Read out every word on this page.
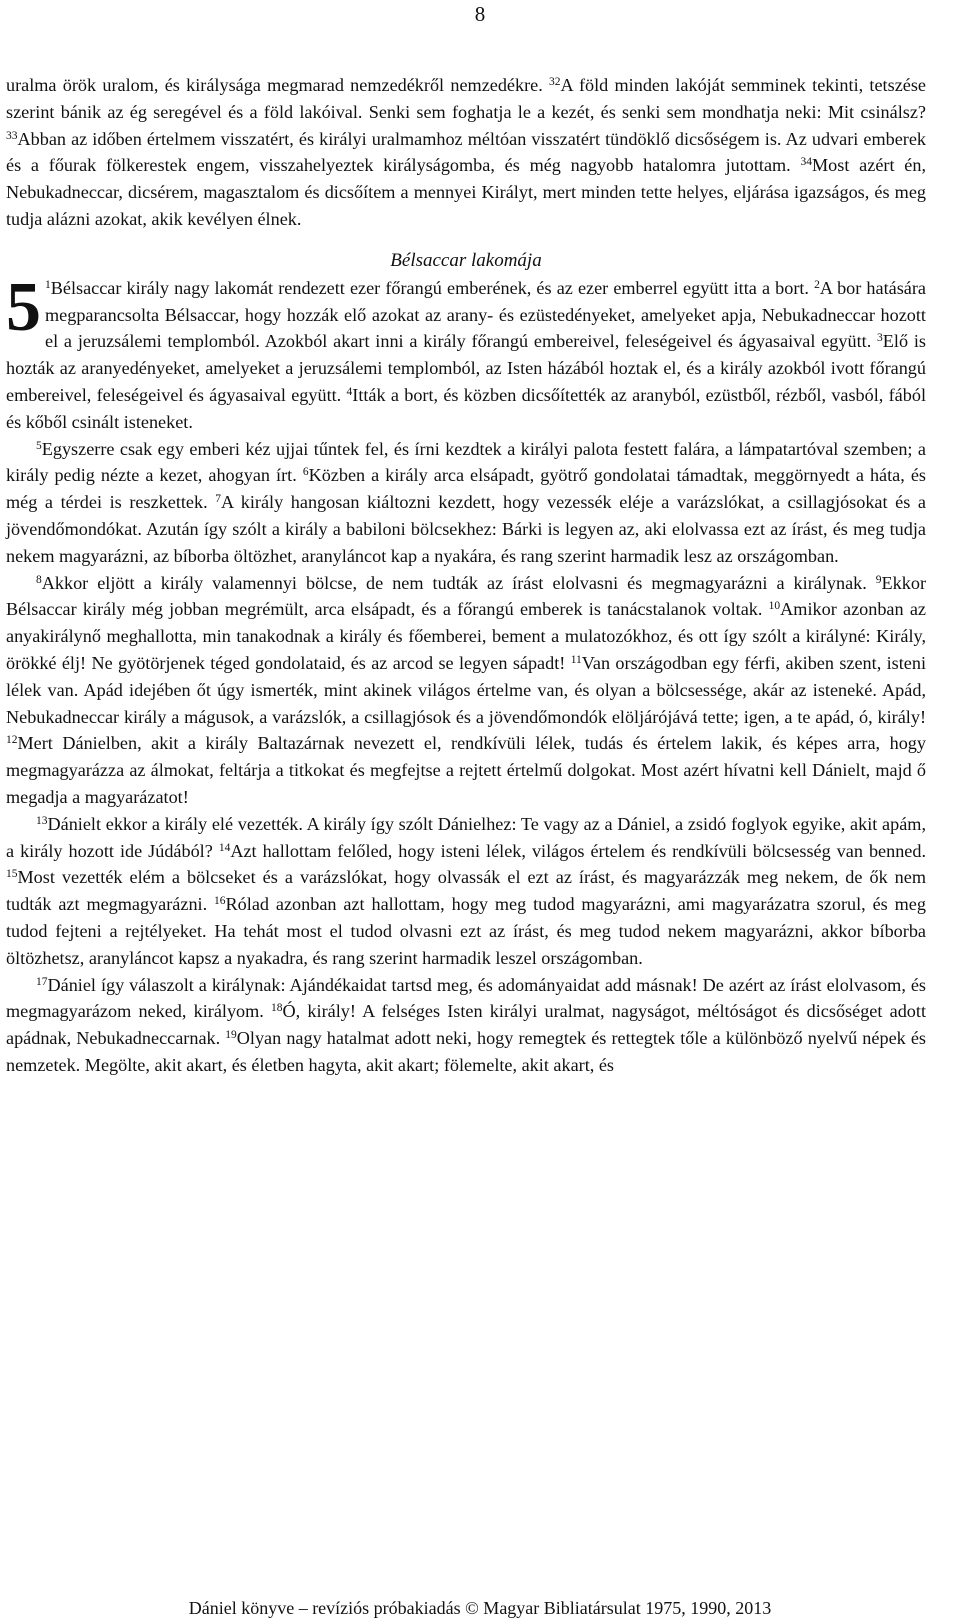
8

uralma örök uralom, és királysága megmarad nemzedékről nemzedékre. $^{32}$A föld minden lakóját semminek tekinti, tetszése szerint bánik az ég seregével és a föld lakóival. Senki sem foghatja le a kezét, és senki sem mondhatja neki: Mit csinálsz? $^{33}$Abban az időben értelmem visszatért, és királyi uralmamhoz méltóan visszatért tündöklő dicsőségem is. Az udvari emberek és a főurak fölkerestek engem, visszahelyeztek királyságomba, és még nagyobb hatalomra jutottam. $^{34}$Most azért én, Nebukadneccar, dicsérem, magasztalom és dicsőítem a mennyei Királyt, mert minden tette helyes, eljárása igazságos, és meg tudja alázni azokat, akik kevélyen élnek.

Bélsaccar lakomája
5 $^1$Bélsaccar király nagy lakomát rendezett ezer főrangú emberének, és az ezer emberrel együtt itta a bort. $^2$A bor hatására megparancsolta Bélsaccar, hogy hozzák elő azokat az arany- és ezüstedényeket, amelyeket apja, Nebukadneccar hozott el a jeruzsálemi templomból. Azokból akart inni a király főrangú embereivel, feleségeivel és ágyasaival együtt. $^3$Elő is hozták az aranyedényeket, amelyeket a jeruzsálemi templomból, az Isten házából hoztak el, és a király azokból ivott főrangú embereivel, feleségeivel és ágyasaival együtt. $^4$Itták a bort, és közben dicsőítették az aranyból, ezüstből, rézből, vasból, fából és kőből csinált isteneket.

$^5$Egyszerre csak egy emberi kéz ujjai tűntek fel, és írni kezdtek a királyi palota festett falára, a lámpatartóval szemben; a király pedig nézte a kezet, ahogyan írt. $^6$Közben a király arca elsápadt, gyötrő gondolatai támadtak, meggörnyedt a háta, és még a térdei is reszkettek. $^7$A király hangosan kiáltozni kezdett, hogy vezessék eléje a varázslókat, a csillagjósokat és a jövendőmondókat. Azután így szólt a király a babiloni bölcsekhez: Bárki is legyen az, aki elolvassa ezt az írást, és meg tudja nekem magyarázni, az bíborba öltözhet, aranyláncot kap a nyakára, és rang szerint harmadik lesz az országomban.

$^8$Akkor eljött a király valamennyi bölcse, de nem tudták az írást elolvasni és megmagyarázni a királynak. $^9$Ekkor Bélsaccar király még jobban megrémült, arca elsápadt, és a főrangú emberek is tanácstalanok voltak. $^{10}$Amikor azonban az anyakirálynő meghallotta, min tanakodnak a király és főemberei, bement a mulatozókhoz, és ott így szólt a királyné: Király, örökké élj! Ne gyötörjenek téged gondolataid, és az arcod se legyen sápadt! $^{11}$Van országodban egy férfi, akiben szent, isteni lélek van. Apád idejében őt úgy ismerték, mint akinek világos értelme van, és olyan a bölcsessége, akár az isteneké. Apád, Nebukadneccar király a mágusok, a varázslók, a csillagjósok és a jövendőmondók elöljárójává tette; igen, a te apád, ó, király! $^{12}$Mert Dánielben, akit a király Baltazárnak nevezett el, rendkívüli lélek, tudás és értelem lakik, és képes arra, hogy megmagyarázza az álmokat, feltárja a titkokat és megfejtse a rejtett értelmű dolgokat. Most azért hívatni kell Dánielt, majd ő megadja a magyarázatot!

$^{13}$Dánielt ekkor a király elé vezették. A király így szólt Dánielhez: Te vagy az a Dániel, a zsidó foglyok egyike, akit apám, a király hozott ide Júdából? $^{14}$Azt hallottam felőled, hogy isteni lélek, világos értelem és rendkívüli bölcsesség van benned. $^{15}$Most vezették elém a bölcseket és a varázslókat, hogy olvassák el ezt az írást, és magyarázzák meg nekem, de ők nem tudták azt megmagyarázni. $^{16}$Rólad azonban azt hallottam, hogy meg tudod magyarázni, ami magyarázatra szorul, és meg tudod fejteni a rejtélyeket. Ha tehát most el tudod olvasni ezt az írást, és meg tudod nekem magyarázni, akkor bíborba öltözhetsz, aranyláncot kapsz a nyakadra, és rang szerint harmadik leszel országomban.

$^{17}$Dániel így válaszolt a királynak: Ajándékaidat tartsd meg, és adományaidat add másnak! De azért az írást elolvasom, és megmagyarázom neked, királyom. $^{18}$Ó, király! A felséges Isten királyi uralmat, nagyságot, méltóságot és dicsőséget adott apádnak, Nebukadneccarnak. $^{19}$Olyan nagy hatalmat adott neki, hogy remegtek és rettegtek tőle a különböző nyelvű népek és nemzetek. Megölte, akit akart, és életben hagyta, akit akart; fölemelte, akit akart, és

Dániel könyve – revíziós próbakiadás © Magyar Bibliatársulat 1975, 1990, 2013
